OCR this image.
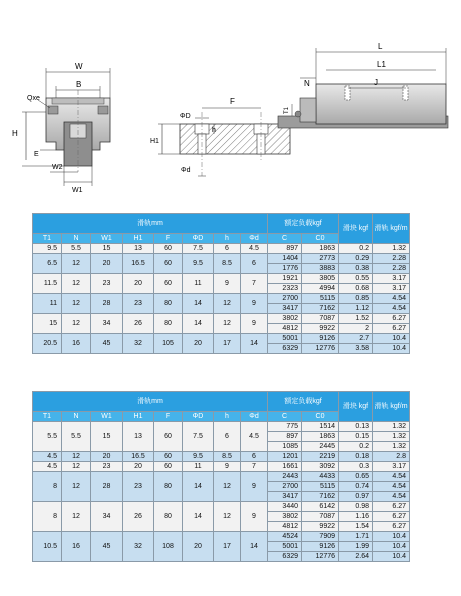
W
B
Qxe
H
E
W2
W1
F
ΦD
h
H1
Φd
L
L1
J
N
T1
滑轨mm								额定负载kgf		滑块 kgf	滑轨 kgf/m
T1	N	W1	H1	F	ΦD	h	Φd	C	C0		
9.5	5.5	15	13	60	7.5	6	4.5	897	1863	0.2	1.32
6.5	12	20	16.5	60	9.5	8.5	6	1404	2773	0.29	2.28
								1776	3883	0.38	2.28
11.5	12	23	20	60	11	9	7	1921	3805	0.55	3.17
								2323	4994	0.68	3.17
11	12	28	23	80	14	12	9	2700	5115	0.85	4.54
								3417	7162	1.12	4.54
15	12	34	26	80	14	12	9	3802	7087	1.52	6.27
								4812	9922	2	6.27
20.5	16	45	32	105	20	17	14	5001	9126	2.7	10.4
								6329	12776	3.58	10.4
滑轨mm								额定负载kgf		滑块 kgf	滑轨 kgf/m
T1	N	W1	H1	F	ΦD	h	Φd	C	C0		
5.5	5.5	15	13	60	7.5	6	4.5	775	1514	0.13	1.32
								897	1863	0.15	1.32
								1085	2445	0.2	1.32
4.5	12	20	16.5	60	9.5	8.5	6	1201	2219	0.18	2.8
4.5	12	23	20	60	11	9	7	1661	3092	0.3	3.17
8	12	28	23	80	14	12	9	2443	4433	0.65	4.54
								2700	5115	0.74	4.54
								3417	7162	0.97	4.54
8	12	34	26	80	14	12	9	3440	6142	0.98	6.27
								3802	7087	1.16	6.27
								4812	9922	1.54	6.27
10.5	16	45	32	108	20	17	14	4524	7909	1.71	10.4
								5001	9126	1.99	10.4
								6329	12776	2.64	10.4
